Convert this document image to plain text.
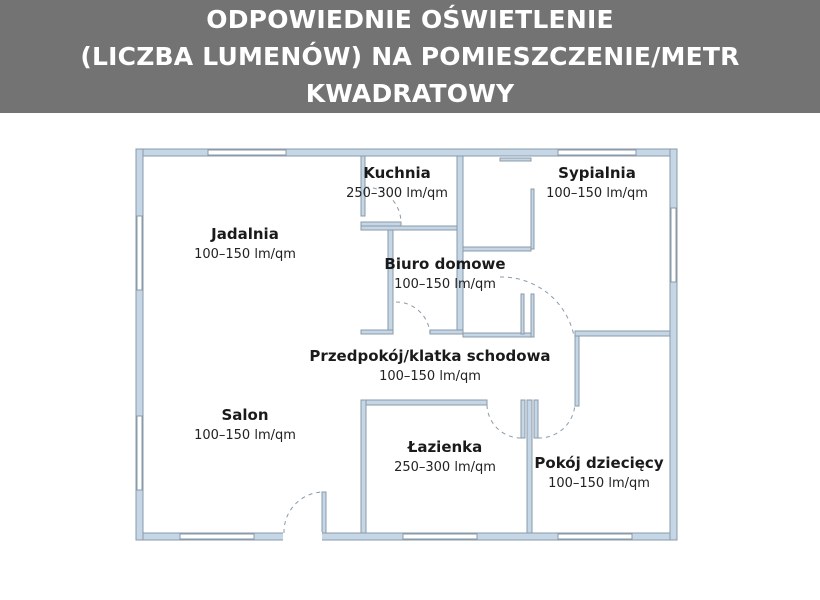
ODPOWIEDNIE OŚWIETLENIE
(LICZBA LUMENÓW) NA POMIESZCZENIE/METR
KWADRATOWY
Kuchnia
250–300 lm/qm
Sypialnia
100–150 lm/qm
Jadalnia
100–150 lm/qm
Biuro domowe
100–150 lm/qm
Przedpokój/klatka schodowa
100–150 lm/qm
Salon
100–150 lm/qm
Łazienka
250–300 lm/qm	Pokój dziecięcy
100–150 lm/qm
